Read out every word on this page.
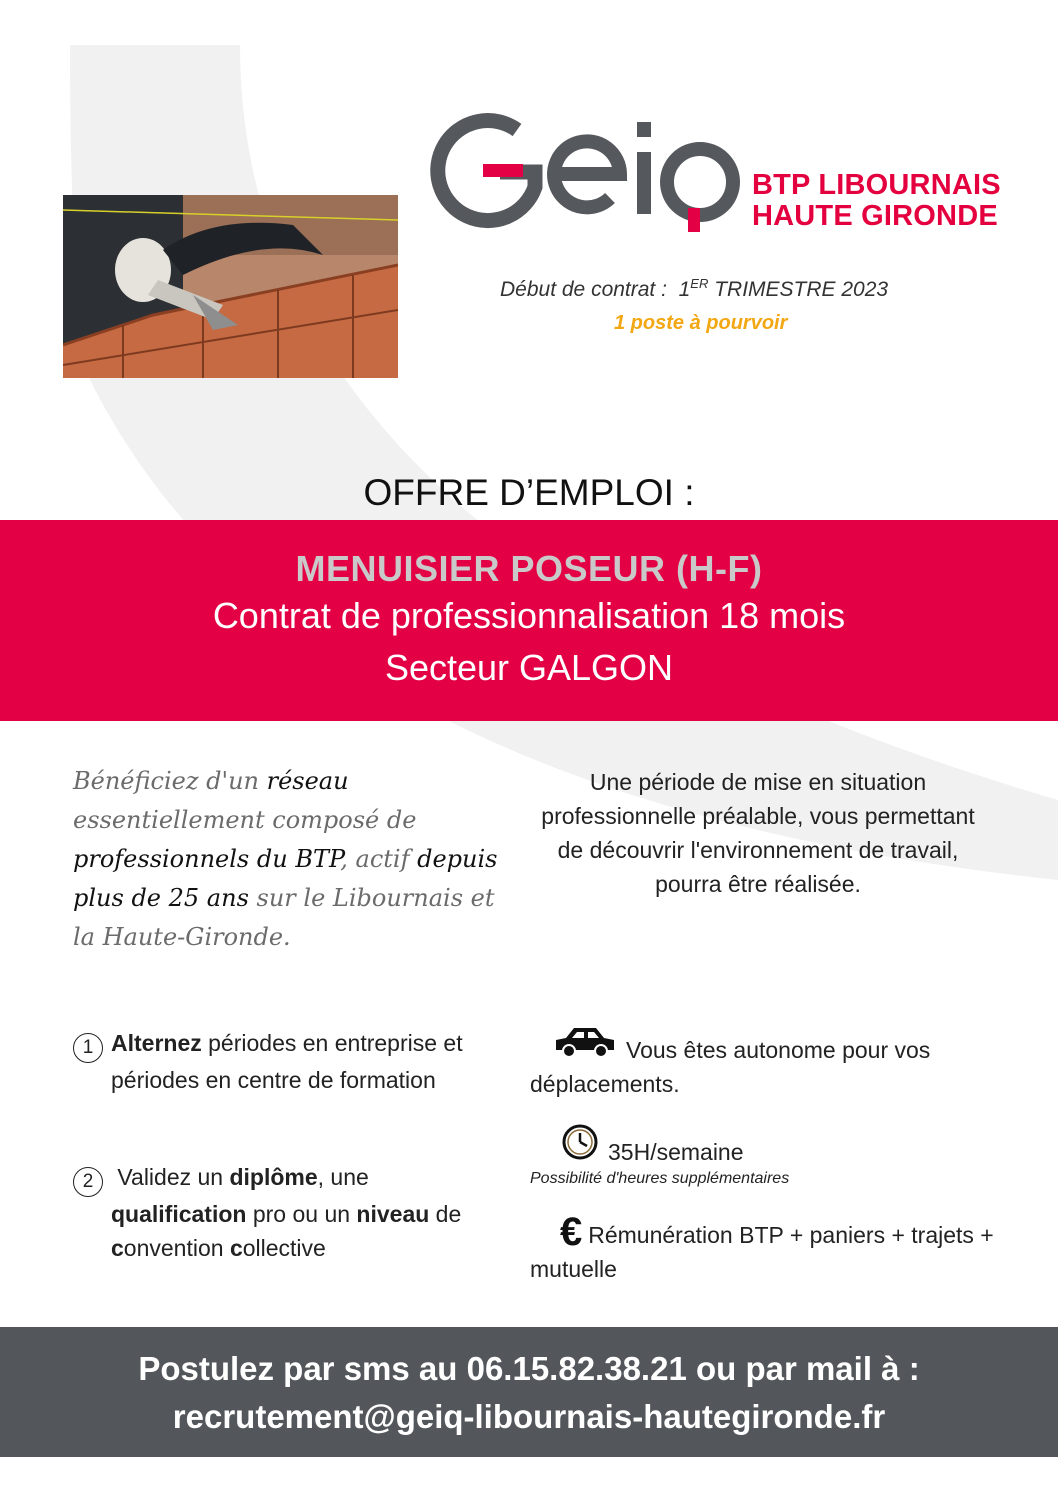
BTP LIBOURNAIS
HAUTE GIRONDE
Début de contrat : 1ER TRIMESTRE 2023
1 poste à pourvoir
OFFRE D’EMPLOI :
MENUISIER POSEUR (H-F)
Contrat de professionnalisation 18 mois
Secteur GALGON
Bénéficiez d'un réseau essentiellement composé de professionnels du BTP, actif depuis plus de 25 ans sur le Libournais et la Haute-Gironde.
Une période de mise en situation professionnelle préalable, vous permettant de découvrir l'environnement de travail, pourra être réalisée.
1 Alternez périodes en entreprise et
périodes en centre de formation
2 Validez un diplôme, une
qualification pro ou un niveau de
convention collective
Vous êtes autonome pour vos déplacements.
35H/semaine
Possibilité d'heures supplémentaires
€ Rémunération BTP + paniers + trajets + mutuelle
Postulez par sms au 06.15.82.38.21 ou par mail à :
recrutement@geiq-libournais-hautegironde.fr
